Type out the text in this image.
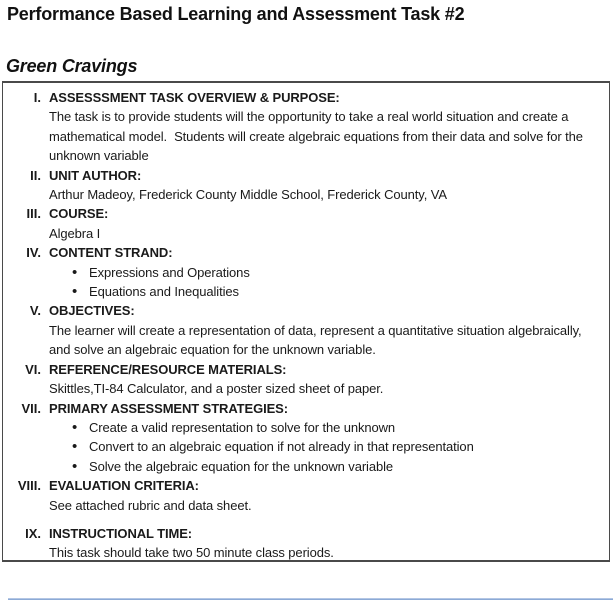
Performance Based Learning and Assessment Task #2
Green Cravings
I. ASSESSSMENT TASK OVERVIEW & PURPOSE:
The task is to provide students will the opportunity to take a real world situation and create a mathematical model.  Students will create algebraic equations from their data and solve for the unknown variable
II. UNIT AUTHOR:
Arthur Madeoy, Frederick County Middle School, Frederick County, VA
III. COURSE:
Algebra I
IV. CONTENT STRAND:
• Expressions and Operations
• Equations and Inequalities
V. OBJECTIVES:
The learner will create a representation of data, represent a quantitative situation algebraically, and solve an algebraic equation for the unknown variable.
VI. REFERENCE/RESOURCE MATERIALS:
Skittles,TI-84 Calculator, and a poster sized sheet of paper.
VII. PRIMARY ASSESSMENT STRATEGIES:
• Create a valid representation to solve for the unknown
• Convert to an algebraic equation if not already in that representation
• Solve the algebraic equation for the unknown variable
VIII. EVALUATION CRITERIA:
See attached rubric and data sheet.
IX. INSTRUCTIONAL TIME:
This task should take two 50 minute class periods.
